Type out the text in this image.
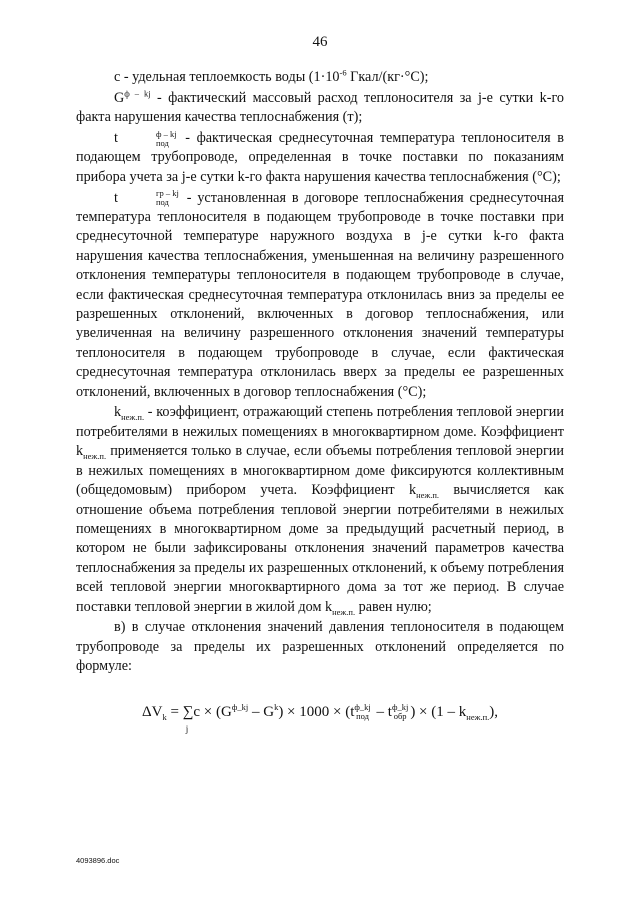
46

c - удельная теплоемкость воды ($1\cdot 10^{-6}$ Гкал/(кг·°С);

$G^{ф - kj}$ - фактический массовый расход теплоносителя за j-е сутки k-го факта нарушения качества теплоснабжения (т);

t	ф – kj
под - фактическая среднесуточная температура теплоносителя в подающем трубопроводе, определенная в точке поставки по показаниям прибора учета за j-е сутки k-го факта нарушения качества теплоснабжения (°С);

t	гр – kj
под - установленная в договоре теплоснабжения среднесуточная температура теплоносителя в подающем трубопроводе в точке поставки при среднесуточной температуре наружного воздуха в j-е сутки k-го факта нарушения качества теплоснабжения, уменьшенная на величину разрешенного отклонения температуры теплоносителя в подающем трубопроводе в случае, если фактическая среднесуточная температура отклонилась вниз за пределы ее разрешенных отклонений, включенных в договор теплоснабжения, или увеличенная на величину разрешенного отклонения значений температуры теплоносителя в подающем трубопроводе в случае, если фактическая среднесуточная температура отклонилась вверх за пределы ее разрешенных отклонений, включенных в договор теплоснабжения (°С);

$k_{неж.п.}$ - коэффициент, отражающий степень потребления тепловой энергии потребителями в нежилых помещениях в многоквартирном доме. Коэффициент $k_{неж.п.}$ применяется только в случае, если объемы потребления тепловой энергии в нежилых помещениях в многоквартирном доме фиксируются коллективным (общедомовым) прибором учета. Коэффициент $k_{неж.п.}$ вычисляется как отношение объема потребления тепловой энергии потребителями в нежилых помещениях в многоквартирном доме за предыдущий расчетный период, в котором не были зафиксированы отклонения значений параметров качества теплоснабжения за пределы их разрешенных отклонений, к объему потребления всей тепловой энергии многоквартирного дома за тот же период. В случае поставки тепловой энергии в жилой дом $k_{неж.п.}$ равен нулю;

в) в случае отклонения значений давления теплоносителя в подающем трубопроводе за пределы их разрешенных отклонений определяется по формуле:

$\Delta V_k$ = ∑
j
$c \times (G^{ф\_kj} - G^k) \times 1000 \times (t$ ф_kj
под – t ф_kj
обр ) × $(1 - k_{неж.п.})$,
4093896.doc
